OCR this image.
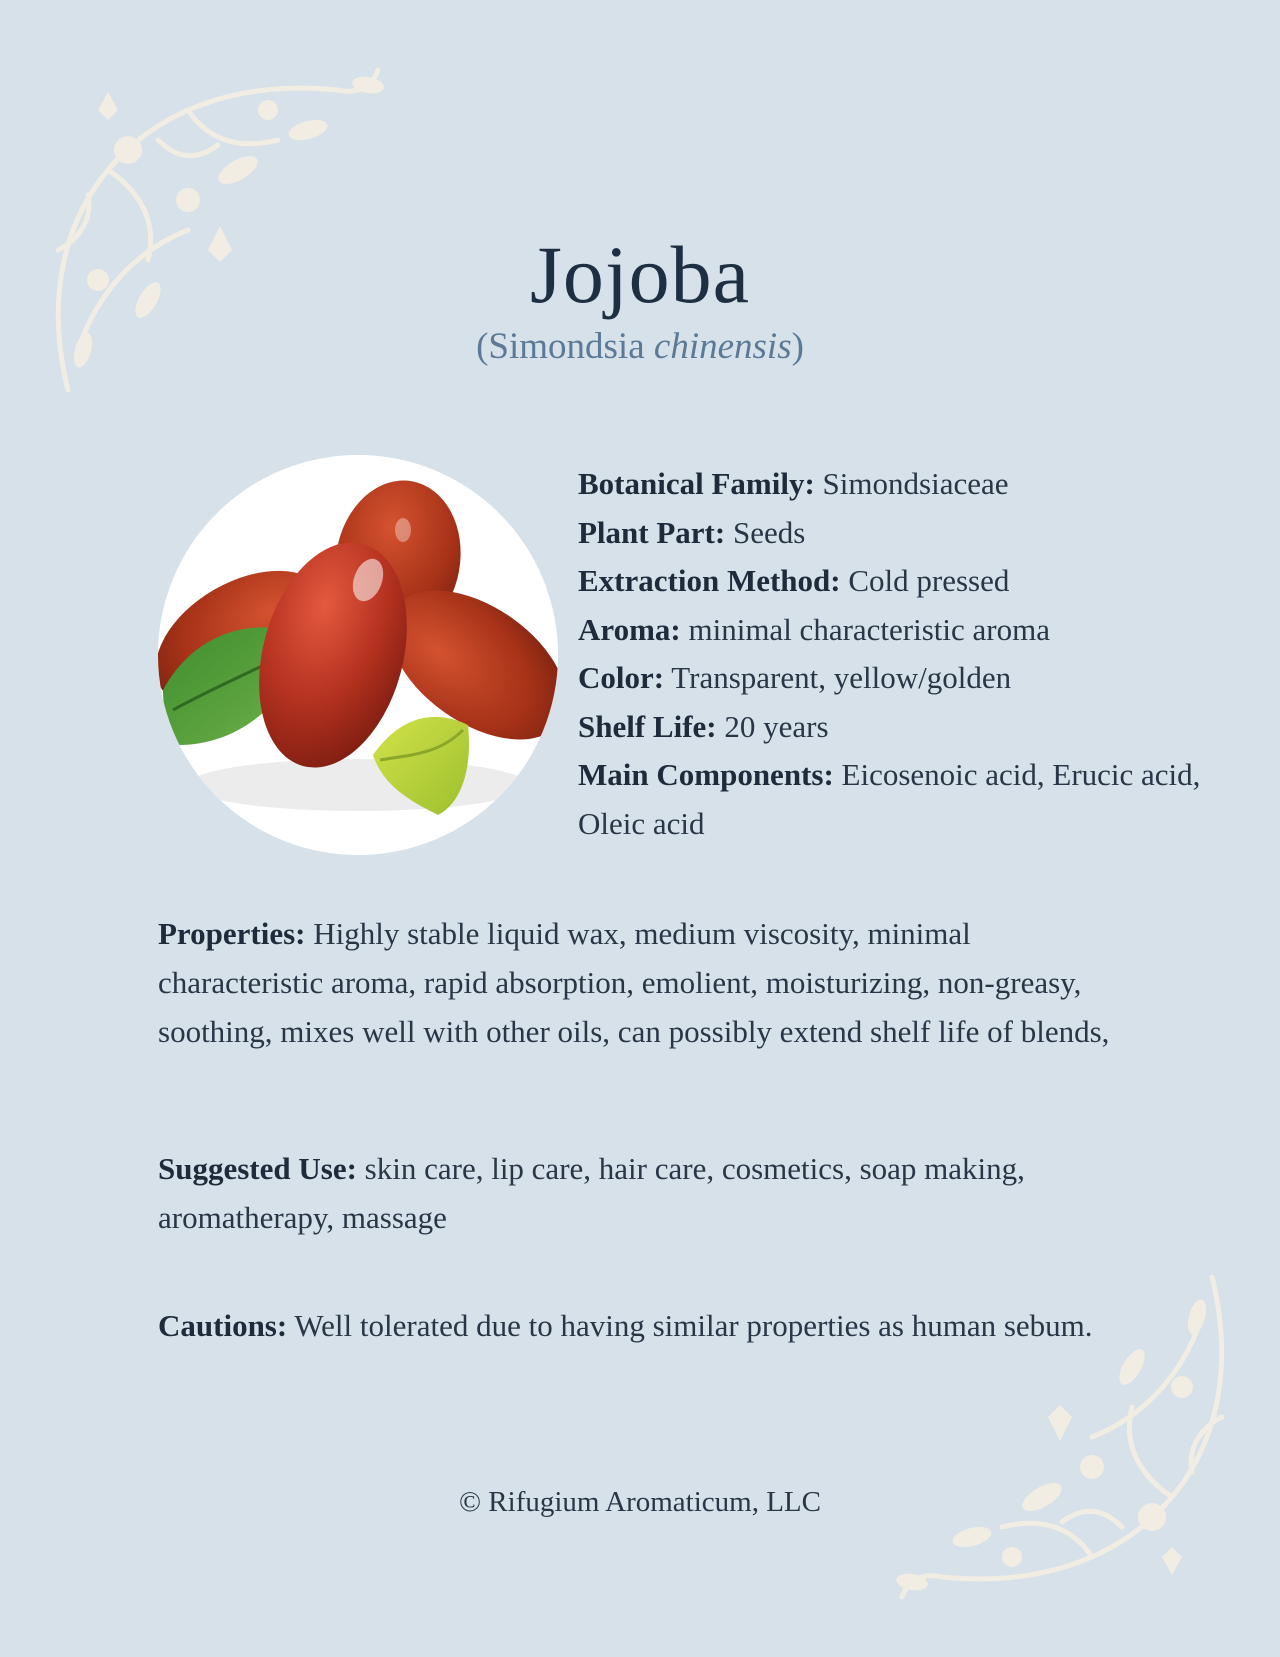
Jojoba
(Simondsia chinensis)
Botanical Family: Simondsiaceae
Plant Part: Seeds
Extraction Method: Cold pressed
Aroma: minimal characteristic aroma
Color: Transparent, yellow/golden
Shelf Life: 20 years
Main Components: Eicosenoic acid, Erucic acid, Oleic acid
Properties: Highly stable liquid wax, medium viscosity, minimal characteristic aroma, rapid absorption, emolient, moisturizing, non-greasy, soothing, mixes well with other oils, can possibly extend shelf life of blends,
Suggested Use: skin care, lip care, hair care, cosmetics, soap making, aromatherapy, massage
Cautions: Well tolerated due to having similar properties as human sebum.
© Rifugium Aromaticum, LLC
